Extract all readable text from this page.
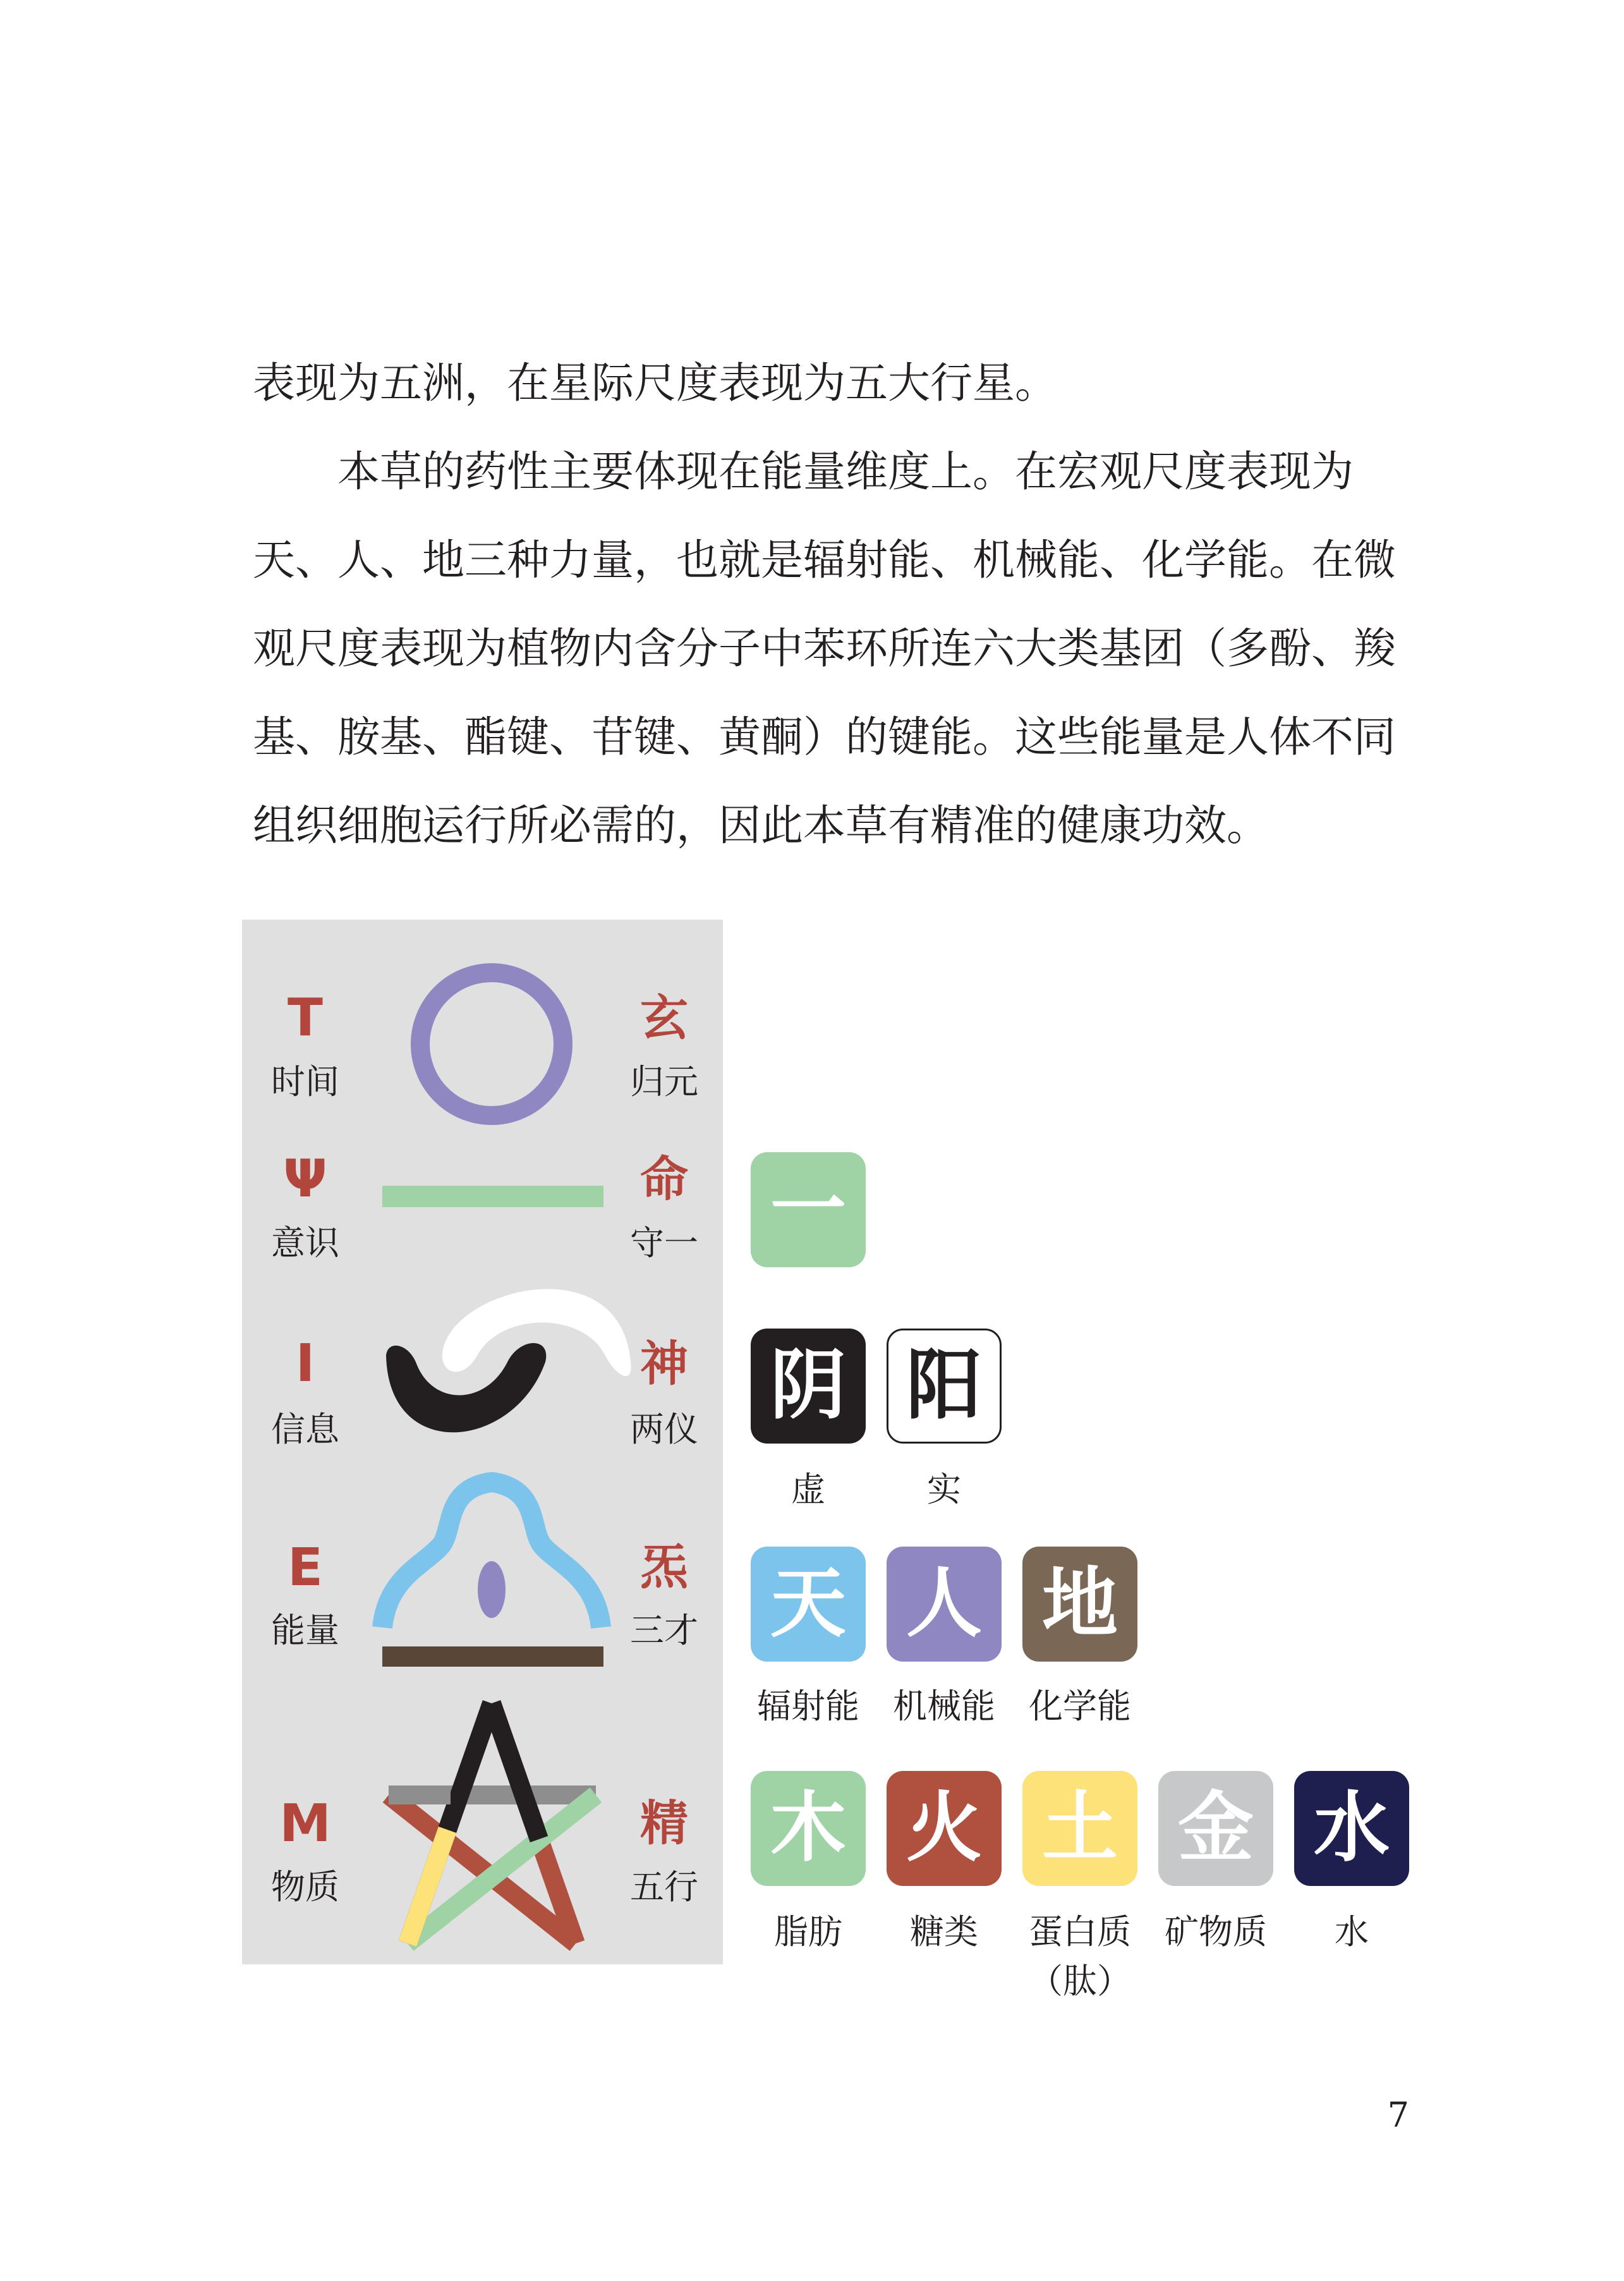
表现为五洲，在星际尺度表现为五大行星。

本草的药性主要体现在能量维度上。在宏观尺度表现为天、人、地三种力量，也就是辐射能、机械能、化学能。在微观尺度表现为植物内含分子中苯环所连六大类基团（多酚、羧基、胺基、酯键、苷键、黄酮）的键能。这些能量是人体不同组织细胞运行所必需的，因此本草有精准的健康功效。

T
时间
玄
归元
Ψ
意识
命
守一
I
信息
神
两仪
E
能量
炁
三才
M
物质
精
五行
一
阴 阳
虚	实
天 人 地
辐射能 机械能 化学能
木 火 土 金 水
脂肪	糖类	蛋白质
（肽）
矿物质	水
7
